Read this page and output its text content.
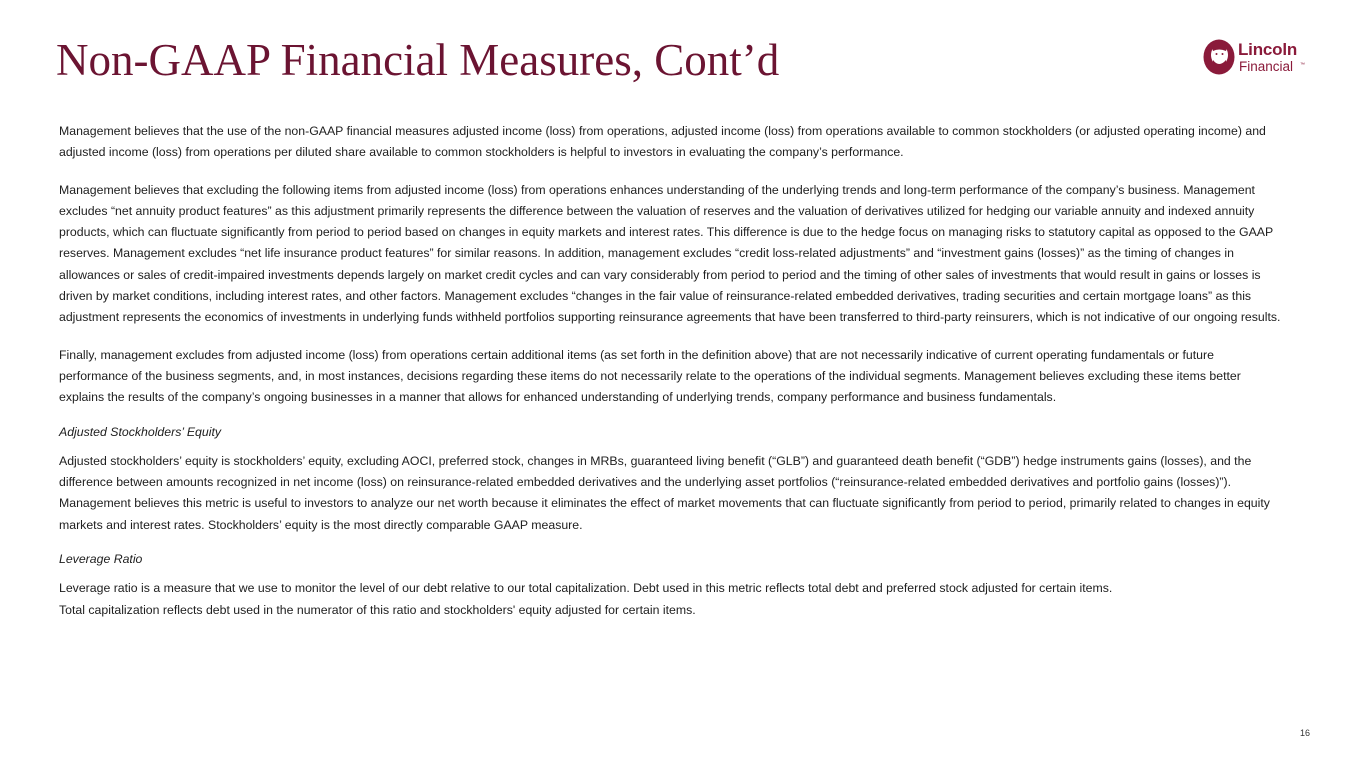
Non-GAAP Financial Measures, Cont’d	Lincoln
Financial ™

Management believes that the use of the non-GAAP financial measures adjusted income (loss) from operations, adjusted income (loss) from operations available to common stockholders (or adjusted operating income) and adjusted income (loss) from operations per diluted share available to common stockholders is helpful to investors in evaluating the company’s performance.

Management believes that excluding the following items from adjusted income (loss) from operations enhances understanding of the underlying trends and long-term performance of the company’s business. Management excludes “net annuity product features” as this adjustment primarily represents the difference between the valuation of reserves and the valuation of derivatives utilized for hedging our variable annuity and indexed annuity products, which can fluctuate significantly from period to period based on changes in equity markets and interest rates. This difference is due to the hedge focus on managing risks to statutory capital as opposed to the GAAP reserves. Management excludes “net life insurance product features” for similar reasons. In addition, management excludes “credit loss-related adjustments” and “investment gains (losses)” as the timing of changes in allowances or sales of credit-impaired investments depends largely on market credit cycles and can vary considerably from period to period and the timing of other sales of investments that would result in gains or losses is driven by market conditions, including interest rates, and other factors. Management excludes “changes in the fair value of reinsurance-related embedded derivatives, trading securities and certain mortgage loans” as this adjustment represents the economics of investments in underlying funds withheld portfolios supporting reinsurance agreements that have been transferred to third-party reinsurers, which is not indicative of our ongoing results.

Finally, management excludes from adjusted income (loss) from operations certain additional items (as set forth in the definition above) that are not necessarily indicative of current operating fundamentals or future performance of the business segments, and, in most instances, decisions regarding these items do not necessarily relate to the operations of the individual segments. Management believes excluding these items better explains the results of the company’s ongoing businesses in a manner that allows for enhanced understanding of underlying trends, company performance and business fundamentals.

Adjusted Stockholders’ Equity

Adjusted stockholders’ equity is stockholders’ equity, excluding AOCI, preferred stock, changes in MRBs, guaranteed living benefit (“GLB”) and guaranteed death benefit (“GDB”) hedge instruments gains (losses), and the difference between amounts recognized in net income (loss) on reinsurance-related embedded derivatives and the underlying asset portfolios (“reinsurance-related embedded derivatives and portfolio gains (losses)”). Management believes this metric is useful to investors to analyze our net worth because it eliminates the effect of market movements that can fluctuate significantly from period to period, primarily related to changes in equity markets and interest rates. Stockholders’ equity is the most directly comparable GAAP measure.

Leverage Ratio

Leverage ratio is a measure that we use to monitor the level of our debt relative to our total capitalization. Debt used in this metric reflects total debt and preferred stock adjusted for certain items.

Total capitalization reflects debt used in the numerator of this ratio and stockholders' equity adjusted for certain items.

16
